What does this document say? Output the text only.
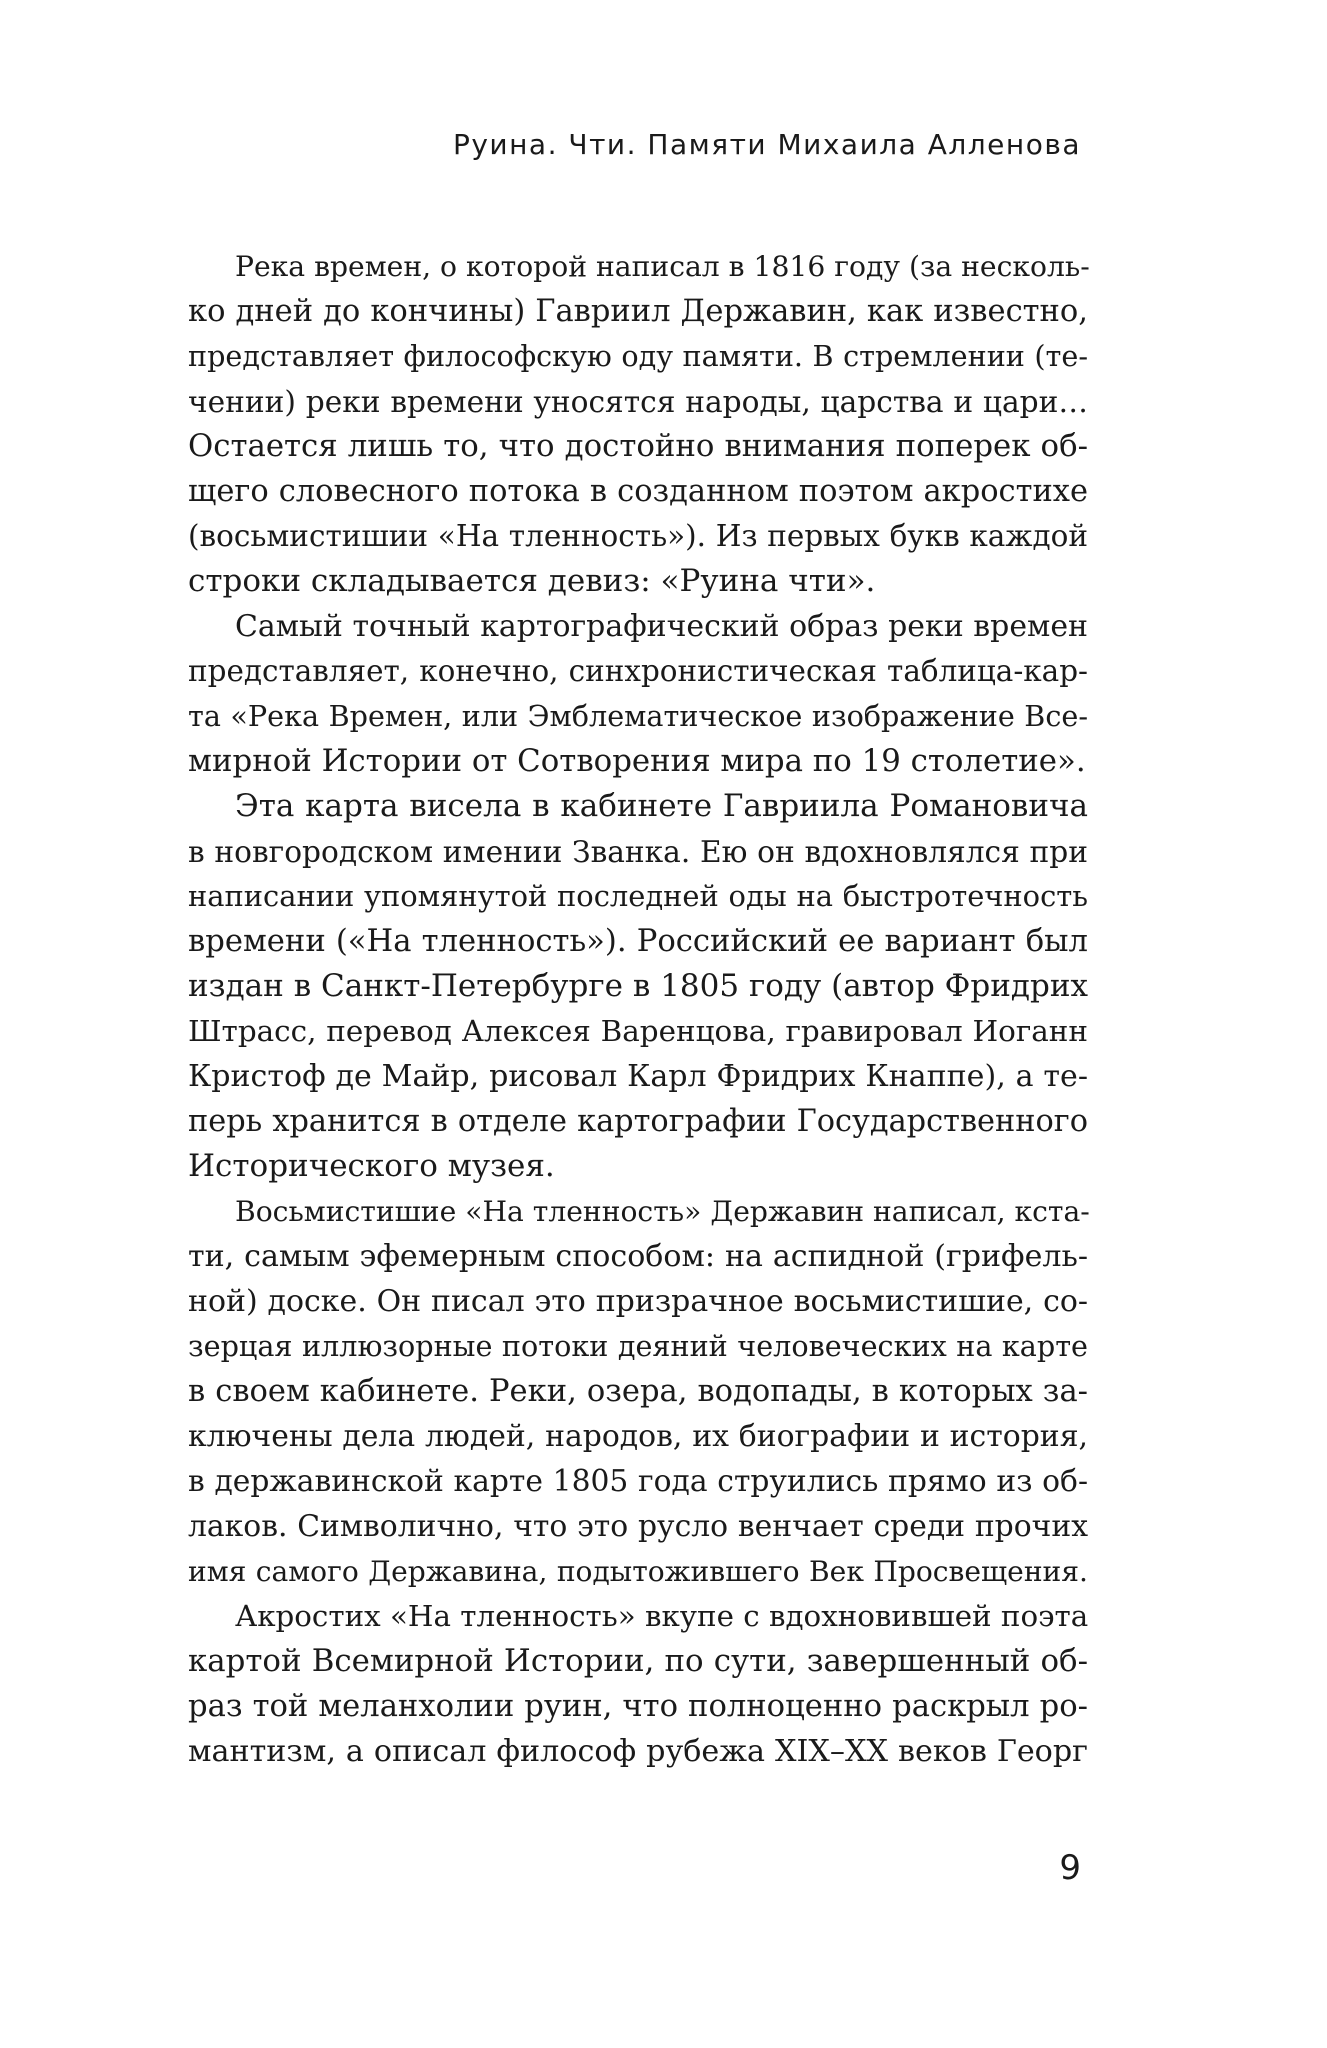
Руина. Чти. Памяти Михаила Алленова
Река времен, о которой написал в 1816 году (за несколь-
ко дней до кончины) Гавриил Державин, как известно,
представляет философскую оду памяти. В стремлении (те-
чении) реки времени уносятся народы, царства и цари…
Остается лишь то, что достойно внимания поперек об-
щего словесного потока в созданном поэтом акростихе
(восьмистишии «На тленность»). Из первых букв каждой
строки складывается девиз: «Руина чти».
Самый точный картографический образ реки времен
представляет, конечно, синхронистическая таблица-кар-
та «Река Времен, или Эмблематическое изображение Все-
мирной Истории от Сотворения мира по 19 столетие».
Эта карта висела в кабинете Гавриила Романовича
в новгородском имении Званка. Ею он вдохновлялся при
написании упомянутой последней оды на быстротечность
времени («На тленность»). Российский ее вариант был
издан в Санкт-Петербурге в 1805 году (автор Фридрих
Штрасс, перевод Алексея Варенцова, гравировал Иоганн
Кристоф де Майр, рисовал Карл Фридрих Кнаппе), а те-
перь хранится в отделе картографии Государственного
Исторического музея.
Восьмистишие «На тленность» Державин написал, кста-
ти, самым эфемерным способом: на аспидной (грифель-
ной) доске. Он писал это призрачное восьмистишие, со-
зерцая иллюзорные потоки деяний человеческих на карте
в своем кабинете. Реки, озера, водопады, в которых за-
ключены дела людей, народов, их биографии и история,
в державинской карте 1805 года струились прямо из об-
лаков. Символично, что это русло венчает среди прочих
имя самого Державина, подытожившего Век Просвещения.
Акростих «На тленность» вкупе с вдохновившей поэта
картой Всемирной Истории, по сути, завершенный об-
раз той меланхолии руин, что полноценно раскрыл ро-
мантизм, а описал философ рубежа XIX–XX веков Георг
9
